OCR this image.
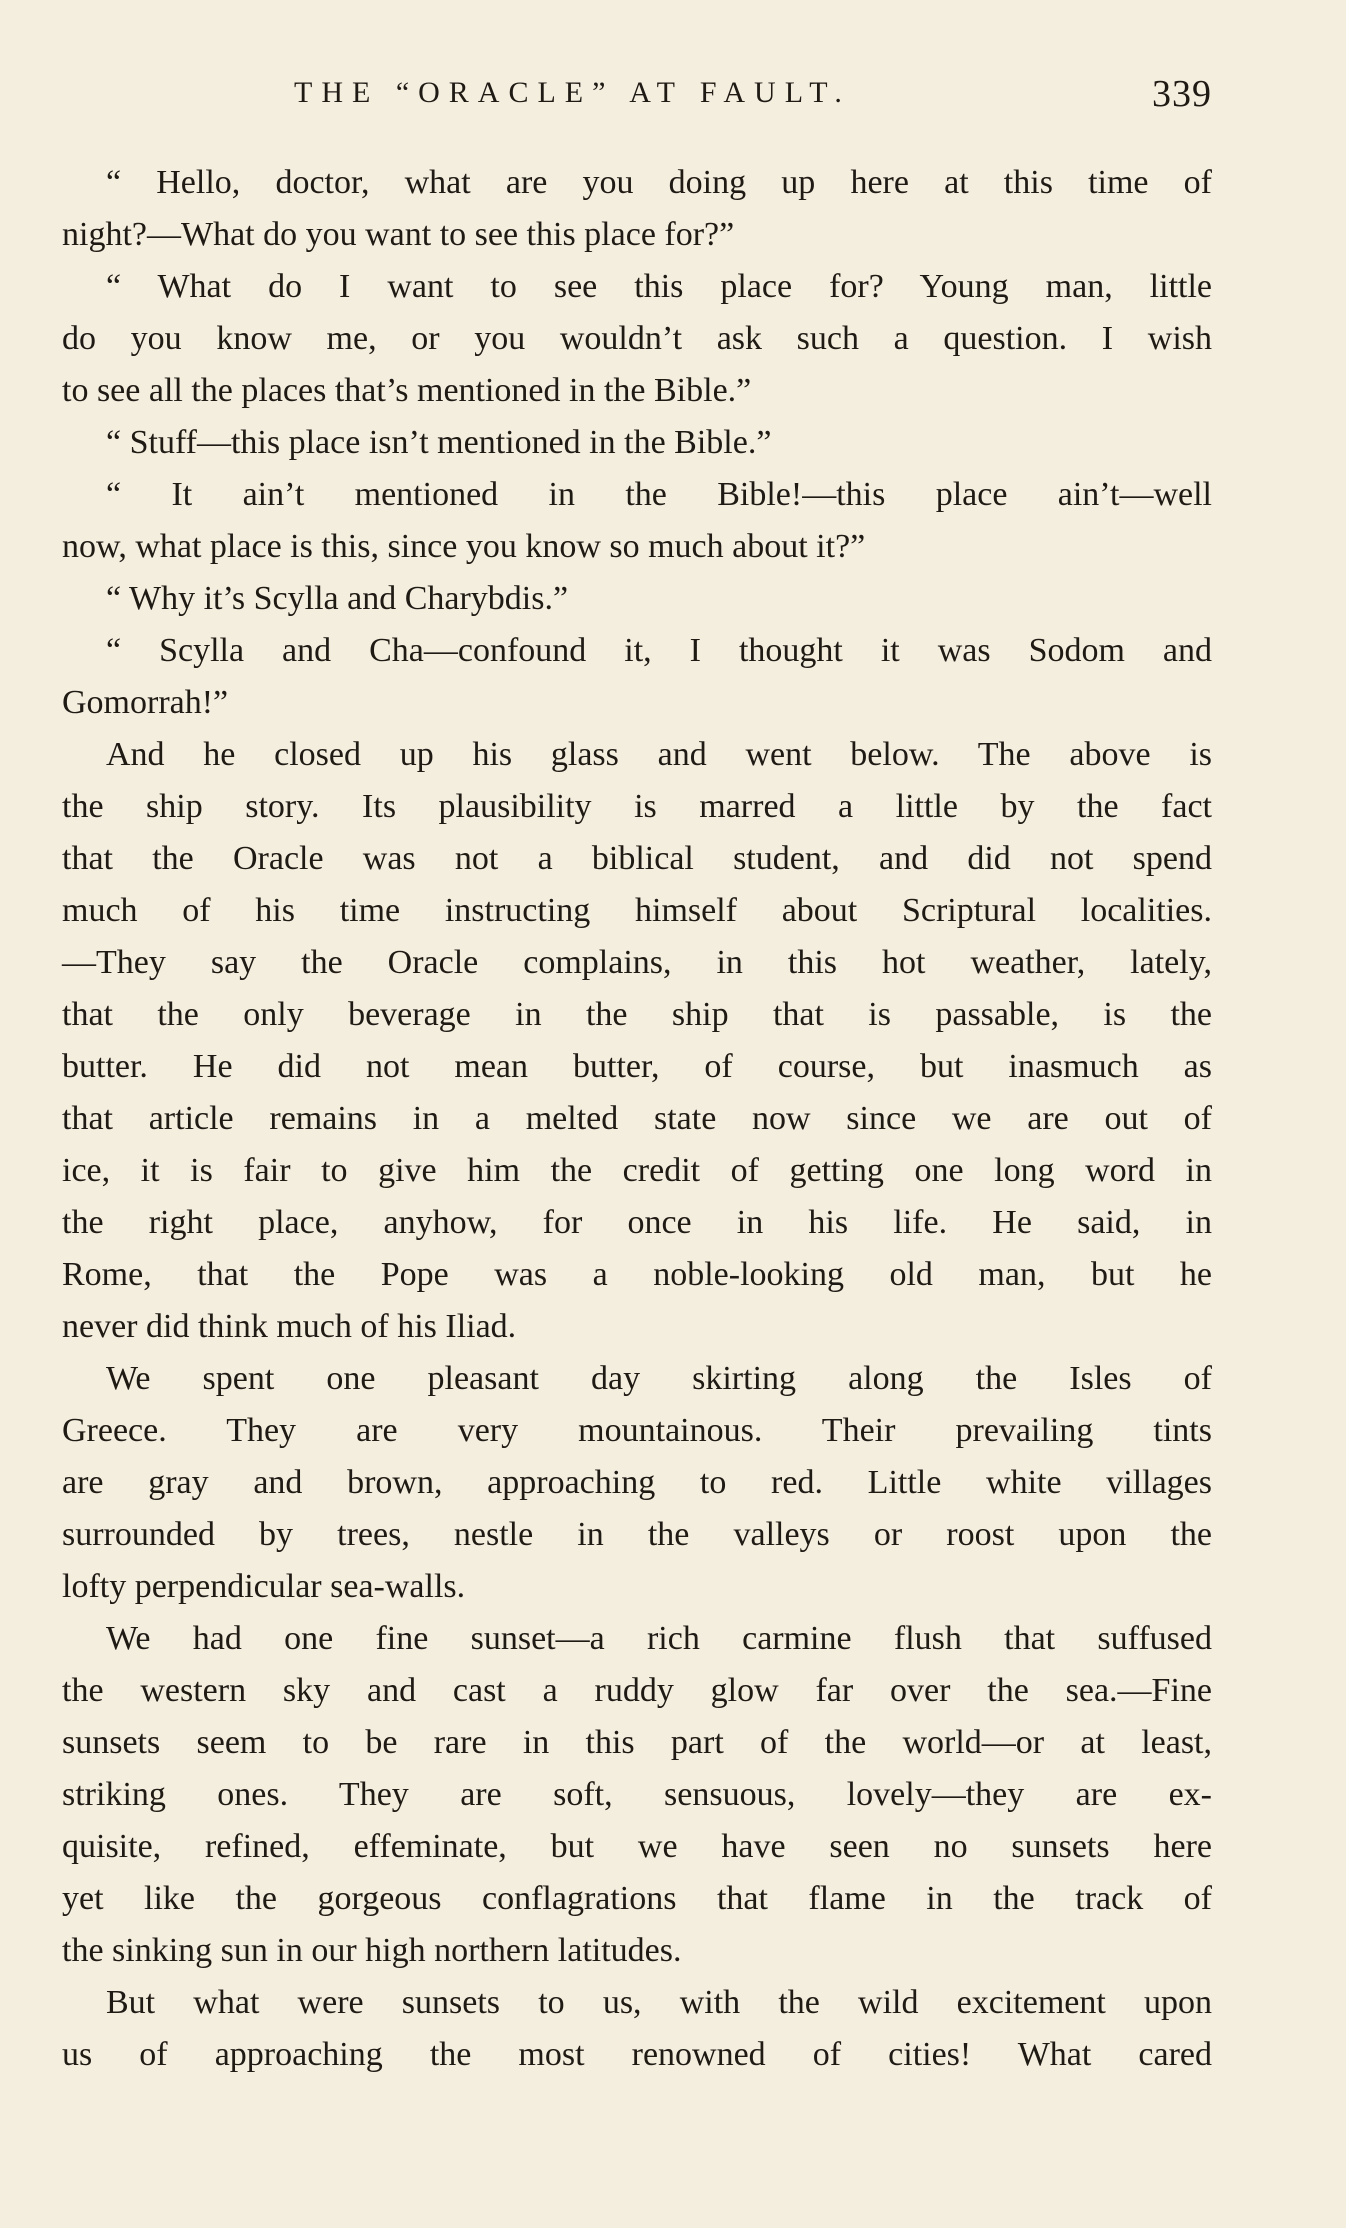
THE “ORACLE” AT FAULT.	339
“ Hello, doctor, what are you doing up here at this time of
night?—What do you want to see this place for?”
“ What do I want to see this place for? Young man, little
do you know me, or you wouldn’t ask such a question. I wish
to see all the places that’s mentioned in the Bible.”
“ Stuff—this place isn’t mentioned in the Bible.”
“ It ain’t mentioned in the Bible!—this place ain’t—well
now, what place is this, since you know so much about it?”
“ Why it’s Scylla and Charybdis.”
“ Scylla and Cha—confound it, I thought it was Sodom and
Gomorrah!”
And he closed up his glass and went below. The above is
the ship story. Its plausibility is marred a little by the fact
that the Oracle was not a biblical student, and did not spend
much of his time instructing himself about Scriptural localities.
—They say the Oracle complains, in this hot weather, lately,
that the only beverage in the ship that is passable, is the
butter. He did not mean butter, of course, but inasmuch as
that article remains in a melted state now since we are out of
ice, it is fair to give him the credit of getting one long word in
the right place, anyhow, for once in his life. He said, in
Rome, that the Pope was a noble-looking old man, but he
never did think much of his Iliad.
We spent one pleasant day skirting along the Isles of
Greece. They are very mountainous. Their prevailing tints
are gray and brown, approaching to red. Little white villages
surrounded by trees, nestle in the valleys or roost upon the
lofty perpendicular sea-walls.
We had one fine sunset—a rich carmine flush that suffused
the western sky and cast a ruddy glow far over the sea.—Fine
sunsets seem to be rare in this part of the world—or at least,
striking ones. They are soft, sensuous, lovely—they are ex-
quisite, refined, effeminate, but we have seen no sunsets here
yet like the gorgeous conflagrations that flame in the track of
the sinking sun in our high northern latitudes.
But what were sunsets to us, with the wild excitement upon
us of approaching the most renowned of cities! What cared
